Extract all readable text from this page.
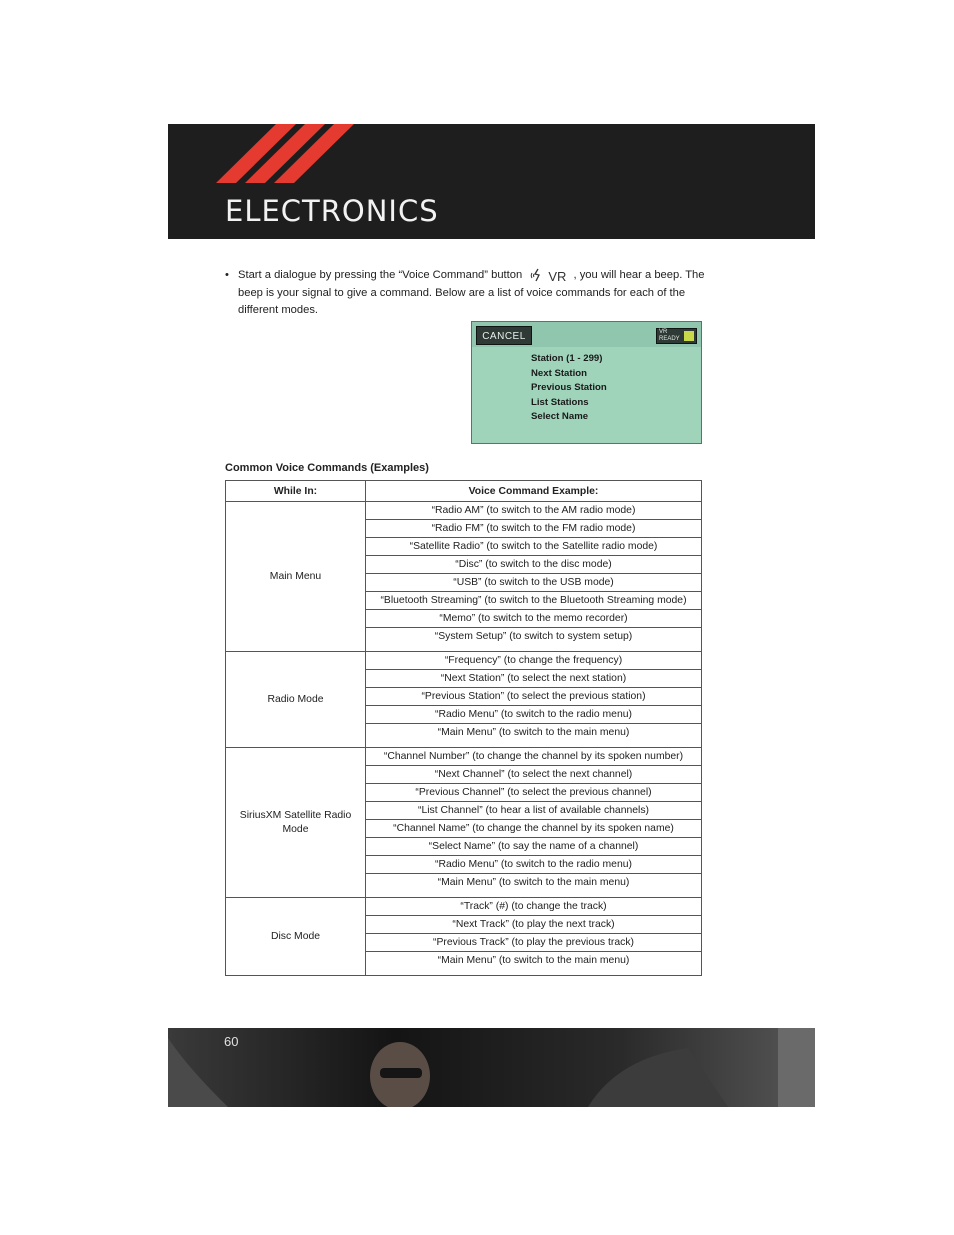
ELECTRONICS
• Start a dialogue by pressing the “Voice Command” button VR , you will hear a beep. The beep is your signal to give a command. Below are a list of voice commands for each of the different modes.
CANCEL	VR
READY
Station (1 - 299)
Next Station
Previous Station
List Stations
Select Name
Common Voice Commands (Examples)
While In:	Voice Command Example:
Main Menu	“Radio AM” (to switch to the AM radio mode)
	“Radio FM” (to switch to the FM radio mode)
	“Satellite Radio” (to switch to the Satellite radio mode)
	“Disc” (to switch to the disc mode)
	“USB” (to switch to the USB mode)
	“Bluetooth Streaming” (to switch to the Bluetooth Streaming mode)
	“Memo” (to switch to the memo recorder)
	“System Setup” (to switch to system setup)

Radio Mode	“Frequency” (to change the frequency)
	“Next Station” (to select the next station)
	“Previous Station” (to select the previous station)
	“Radio Menu” (to switch to the radio menu)
	“Main Menu” (to switch to the main menu)

SiriusXM Satellite Radio Mode	“Channel Number” (to change the channel by its spoken number)
	“Next Channel” (to select the next channel)
	“Previous Channel” (to select the previous channel)
	“List Channel” (to hear a list of available channels)
	“Channel Name” (to change the channel by its spoken name)
	“Select Name” (to say the name of a channel)
	“Radio Menu” (to switch to the radio menu)
	“Main Menu” (to switch to the main menu)

Disc Mode	“Track” (#) (to change the track)
	“Next Track” (to play the next track)
	“Previous Track” (to play the previous track)
	“Main Menu” (to switch to the main menu)

60
